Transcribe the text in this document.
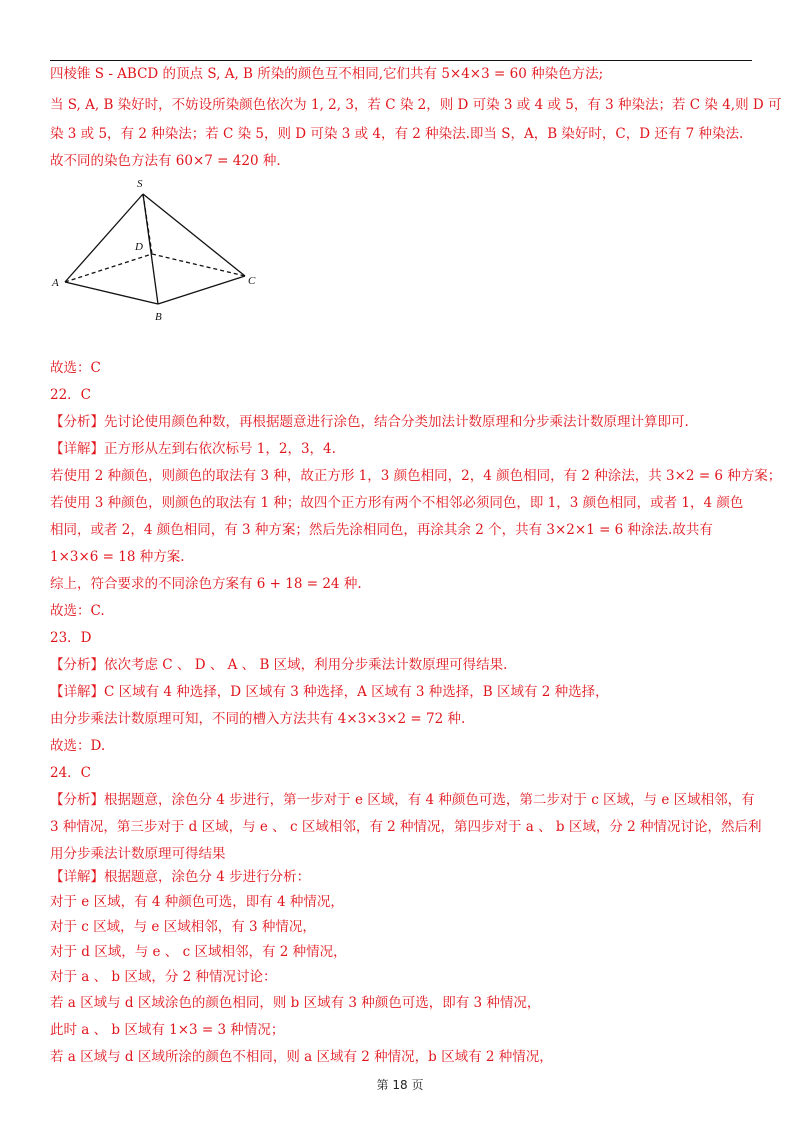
四棱锥 S - ABCD 的顶点 S, A, B 所染的颜色互不相同,它们共有 5×4×3 = 60 种染色方法;
当 S, A, B 染好时，不妨设所染颜色依次为 1, 2, 3，若 C 染 2，则 D 可染 3 或 4 或 5，有 3 种染法；若 C 染 4,则 D 可
染 3 或 5，有 2 种染法；若 C 染 5，则 D 可染 3 或 4，有 2 种染法.即当 S，A，B 染好时，C，D 还有 7 种染法.
故不同的染色方法有 60×7 = 420 种.
S
A
B
C
D
故选：C
22．C
【分析】先讨论使用颜色种数，再根据题意进行涂色，结合分类加法计数原理和分步乘法计数原理计算即可.
【详解】正方形从左到右依次标号 1，2，3，4.
若使用 2 种颜色，则颜色的取法有 3 种，故正方形 1，3 颜色相同，2，4 颜色相同，有 2 种涂法，共 3×2 = 6 种方案；
若使用 3 种颜色，则颜色的取法有 1 种；故四个正方形有两个不相邻必须同色，即 1，3 颜色相同，或者 1，4 颜色
相同，或者 2，4 颜色相同，有 3 种方案；然后先涂相同色，再涂其余 2 个，共有 3×2×1 = 6 种涂法.故共有
1×3×6 = 18 种方案.
综上，符合要求的不同涂色方案有 6 + 18 = 24 种.
故选：C.
23．D
【分析】依次考虑 C 、 D 、 A 、 B 区域，利用分步乘法计数原理可得结果.
【详解】C 区域有 4 种选择，D 区域有 3 种选择，A 区域有 3 种选择，B 区域有 2 种选择，
由分步乘法计数原理可知，不同的槽入方法共有 4×3×3×2 = 72 种.
故选：D.
24．C
【分析】根据题意，涂色分 4 步进行，第一步对于 e 区域，有 4 种颜色可选，第二步对于 c 区域，与 e 区域相邻，有
3 种情况，第三步对于 d 区域，与 e 、 c 区域相邻，有 2 种情况，第四步对于 a 、 b 区域，分 2 种情况讨论，然后利
用分步乘法计数原理可得结果
【详解】根据题意，涂色分 4 步进行分析：
对于 e 区域，有 4 种颜色可选，即有 4 种情况，
对于 c 区域，与 e 区域相邻，有 3 种情况，
对于 d 区域，与 e 、 c 区域相邻，有 2 种情况，
对于 a 、 b 区域，分 2 种情况讨论：
若 a 区域与 d 区域涂色的颜色相同，则 b 区域有 3 种颜色可选，即有 3 种情况，
此时 a 、 b 区域有 1×3 = 3 种情况；
若 a 区域与 d 区域所涂的颜色不相同，则 a 区域有 2 种情况，b 区域有 2 种情况，
第 18 页
